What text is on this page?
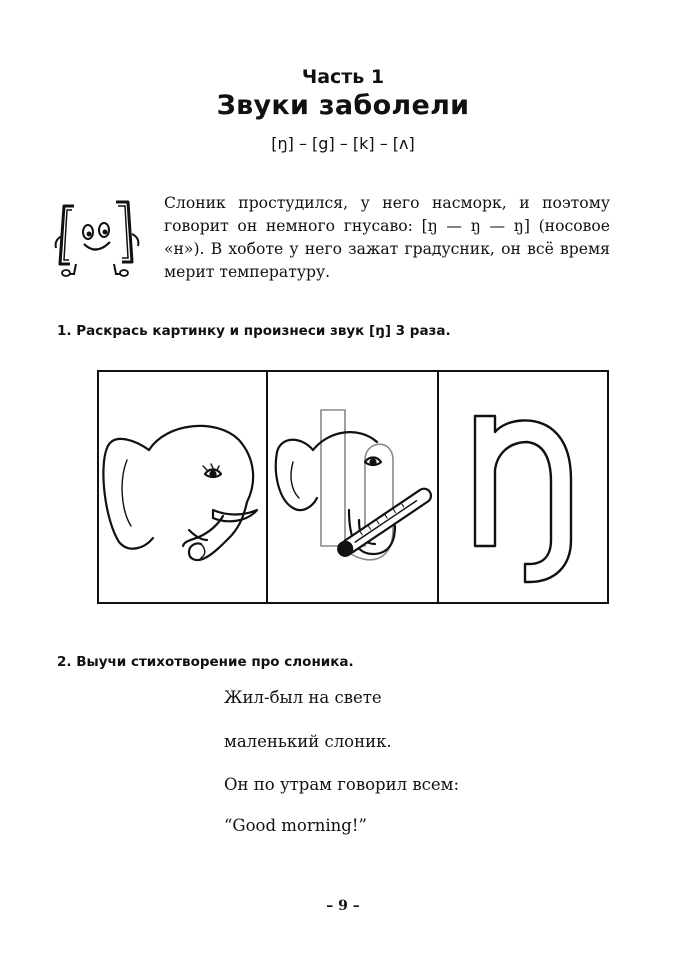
Часть 1
Звуки заболели
[ŋ] – [g] – [k] – [ʌ]
Слоник простудился, у него насморк, и поэтому говорит он немного гнусаво: [ŋ — ŋ — ŋ] (носовое «н»). В хоботе у него зажат градусник, он всё время мерит температуру.
1. Раскрась картинку и произнеси звук [ŋ] 3 раза.
2. Выучи стихотворение про слоника.
Жил-был на свете
маленький слоник.
Он по утрам говорил всем:
“Good morning!”
– 9 –
